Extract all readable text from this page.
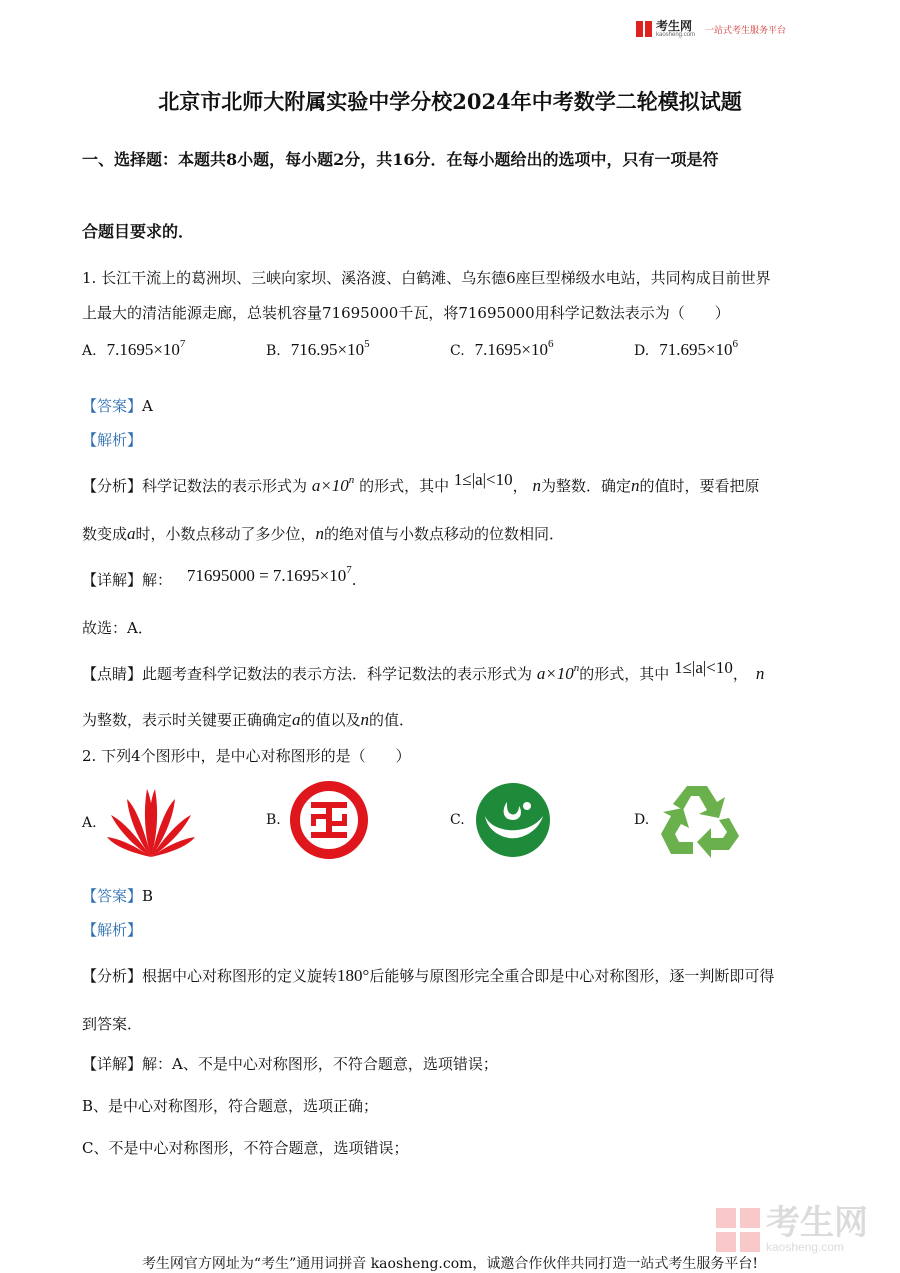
考生网
kaosheng.com
一站式考生服务平台
北京市北师大附属实验中学分校2024年中考数学二轮模拟试题
一、选择题：本题共8小题，每小题2分，共16分．在每小题给出的选项中，只有一项是符
合题目要求的．
1. 长江干流上的葛洲坝、三峡向家坝、溪洛渡、白鹤滩、乌东德6座巨型梯级水电站，共同构成目前世界
上最大的清洁能源走廊，总装机容量71695000千瓦，将71695000用科学记数法表示为（　　）
A. $7.1695\times 10^7$	B. $716.95\times 10^5$	C. $7.1695\times 10^6$	D. $71.695\times 10^6$
【答案】A
【解析】
【分析】科学记数法的表示形式为 $a\times 10^n$ 的形式，其中 1≤|a|<10， n为整数．确定n的值时，要看把原
数变成a时，小数点移动了多少位，n的绝对值与小数点移动的位数相同．
【详解】解： $71695000 = 7.1695\times 10^7$.
故选：A．
【点睛】此题考查科学记数法的表示方法．科学记数法的表示形式为 $a\times 10^n$的形式，其中 1≤|a|<10， n
为整数，表示时关键要正确确定a的值以及n的值．
2. 下列4个图形中，是中心对称图形的是（　　）
A.	B.	C.	D.
【答案】B
【解析】
【分析】根据中心对称图形的定义旋转180°后能够与原图形完全重合即是中心对称图形，逐一判断即可得
到答案．
【详解】解：A、不是中心对称图形，不符合题意，选项错误；
B、是中心对称图形，符合题意，选项正确；
C、不是中心对称图形，不符合题意，选项错误；
考生网
kaosheng.com
考生网官方网址为“考生”通用词拼音 kaosheng.com，诚邀合作伙伴共同打造一站式考生服务平台!
